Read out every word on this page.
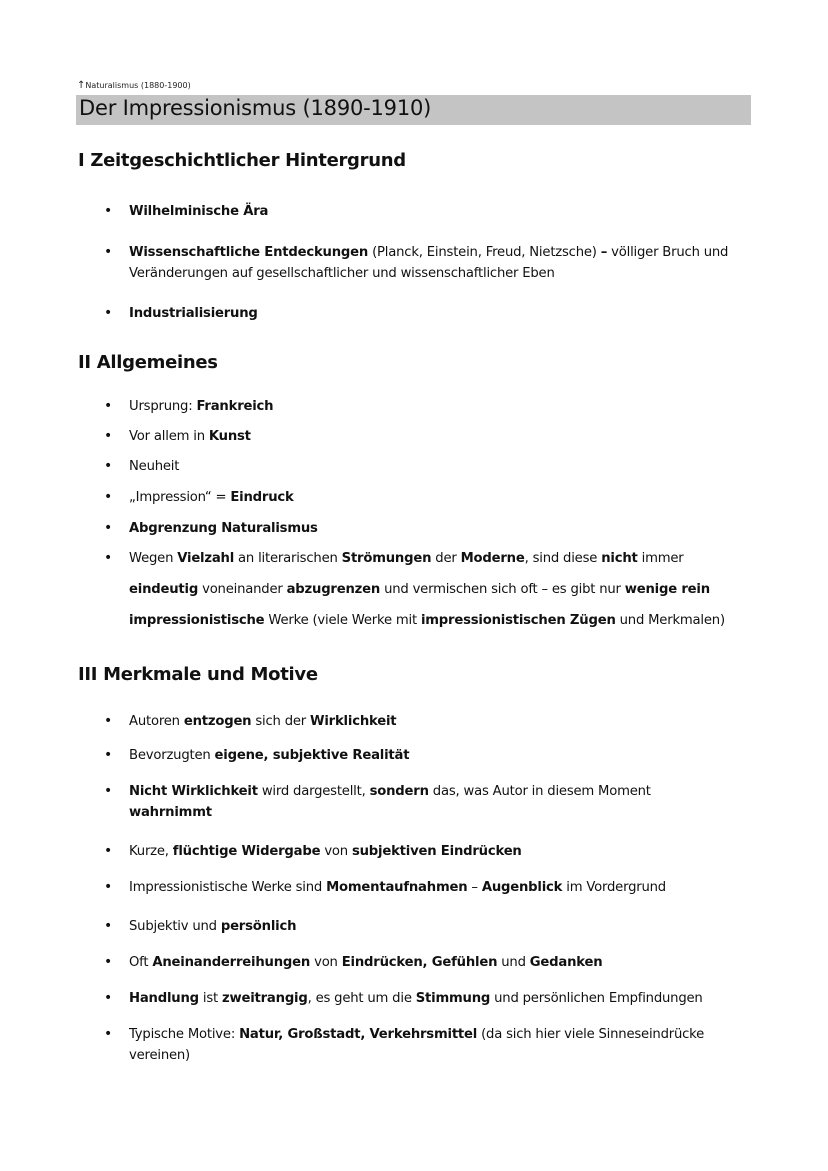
↑Naturalismus (1880-1900)
Der Impressionismus (1890-1910)
I Zeitgeschichtlicher Hintergrund
• Wilhelminische Ära
• Wissenschaftliche Entdeckungen (Planck, Einstein, Freud, Nietzsche) – völliger Bruch und Veränderungen auf gesellschaftlicher und wissenschaftlicher Eben
• Industrialisierung
II Allgemeines
• Ursprung: Frankreich
• Vor allem in Kunst
• Neuheit
• „Impression“ = Eindruck
• Abgrenzung Naturalismus
• Wegen Vielzahl an literarischen Strömungen der Moderne, sind diese nicht immer
eindeutig voneinander abzugrenzen und vermischen sich oft – es gibt nur wenige rein
impressionistische Werke (viele Werke mit impressionistischen Zügen und Merkmalen)
III Merkmale und Motive
• Autoren entzogen sich der Wirklichkeit
• Bevorzugten eigene, subjektive Realität
• Nicht Wirklichkeit wird dargestellt, sondern das, was Autor in diesem Moment
wahrnimmt
• Kurze, flüchtige Widergabe von subjektiven Eindrücken
• Impressionistische Werke sind Momentaufnahmen – Augenblick im Vordergrund
• Subjektiv und persönlich
• Oft Aneinanderreihungen von Eindrücken, Gefühlen und Gedanken
• Handlung ist zweitrangig, es geht um die Stimmung und persönlichen Empfindungen
• Typische Motive: Natur, Großstadt, Verkehrsmittel (da sich hier viele Sinneseindrücke vereinen)
